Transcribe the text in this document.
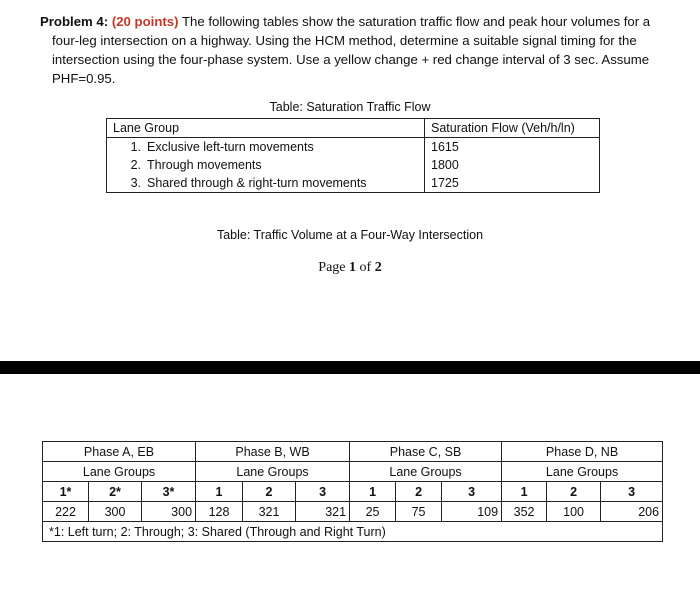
Problem 4: (20 points) The following tables show the saturation traffic flow and peak hour volumes for a
four-leg intersection on a highway. Using the HCM method, determine a suitable signal timing for the
intersection using the four-phase system. Use a yellow change + red change interval of 3 sec. Assume
PHF=0.95.
Table: Saturation Traffic Flow
Lane Group	Saturation Flow (Veh/h/ln)
1. Exclusive left-turn movements	1615
2. Through movements	1800
3. Shared through & right-turn movements	1725
Table: Traffic Volume at a Four-Way Intersection
Page 1 of 2
Phase A, EB			Phase B, WB			Phase C, SB			Phase D, NB		
Lane Groups			Lane Groups			Lane Groups			Lane Groups		
1*	2*	3*	1	2	3	1	2	3	1	2	3
222	300	300	128	321	321	25	75	109	352	100	206
*1: Left turn; 2: Through; 3: Shared (Through and Right Turn)											
